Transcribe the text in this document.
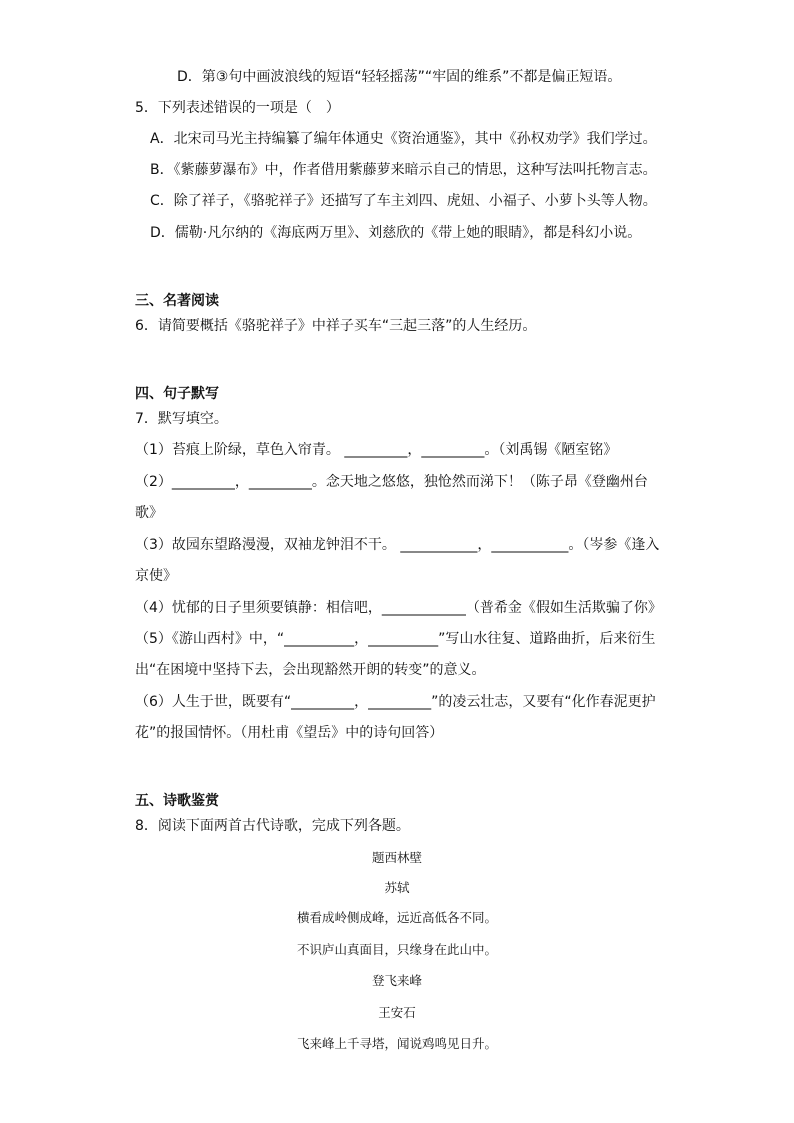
D．第③句中画波浪线的短语“轻轻摇荡”“牢固的维系”不都是偏正短语。
5．下列表述错误的一项是（　）
A．北宋司马光主持编纂了编年体通史《资治通鉴》，其中《孙权劝学》我们学过。
B．《紫藤萝瀑布》中，作者借用紫藤萝来暗示自己的情思，这种写法叫托物言志。
C．除了祥子，《骆驼祥子》还描写了车主刘四、虎妞、小福子、小萝卜头等人物。
D．儒勒·凡尔纳的《海底两万里》、刘慈欣的《带上她的眼睛》，都是科幻小说。
三、名著阅读
6．请简要概括《骆驼祥子》中祥子买车“三起三落”的人生经历。
四、句子默写
7．默写填空。
（1）苔痕上阶绿，草色入帘青。 _________，_________。（刘禹锡《陋室铭》
（2）_________，_________。念天地之悠悠，独怆然而涕下！（陈子昂《登幽州台
歌》
（3）故园东望路漫漫，双袖龙钟泪不干。 ___________，___________。（岑参《逢入
京使》
（4）忧郁的日子里须要镇静：相信吧，____________（普希金《假如生活欺骗了你》
（5）《游山西村》中，“__________，__________”写山水往复、道路曲折，后来衍生
出“在困境中坚持下去，会出现豁然开朗的转变”的意义。
（6）人生于世，既要有“_________，_________”的凌云壮志，又要有“化作春泥更护
花”的报国情怀。（用杜甫《望岳》中的诗句回答）
五、诗歌鉴赏
8．阅读下面两首古代诗歌，完成下列各题。
题西林壁
苏轼
横看成岭侧成峰，远近高低各不同。
不识庐山真面目，只缘身在此山中。
登飞来峰
王安石
飞来峰上千寻塔，闻说鸡鸣见日升。
